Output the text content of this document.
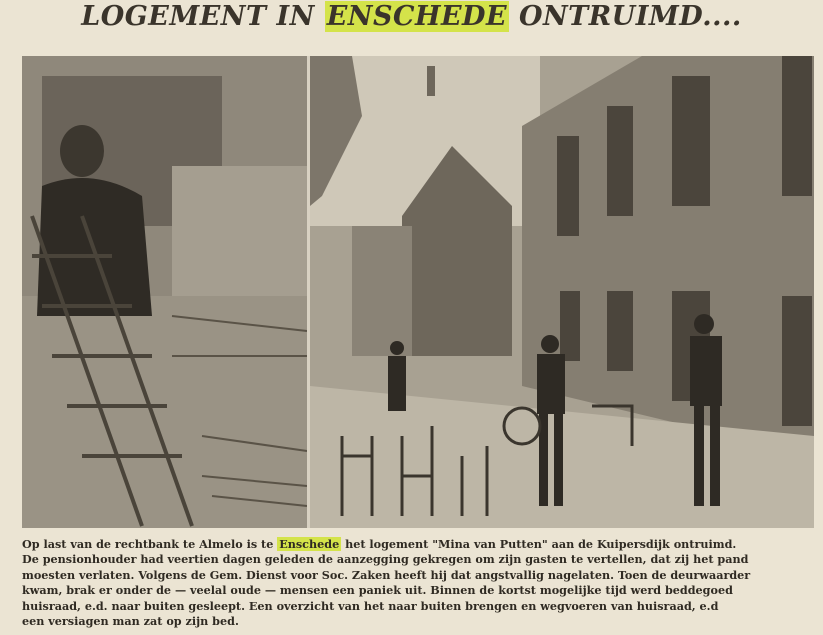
LOGEMENT IN ENSCHEDE ONTRUIMD....
Op last van de rechtbank te Almelo is te Enschede het logement "Mina van Putten" aan de Kuipersdijk ontruimd.
De pensionhouder had veertien dagen geleden de aanzegging gekregen om zijn gasten te vertellen, dat zij het pand
moesten verlaten. Volgens de Gem. Dienst voor Soc. Zaken heeft hij dat angstvallig nagelaten. Toen de deurwaarder
kwam, brak er onder de — veelal oude — mensen een paniek uit. Binnen de kortst mogelijke tijd werd beddegoed
huisraad, e.d. naar buiten gesleept. Een overzicht van het naar buiten brengen en wegvoeren van huisraad, e.d
een versiagen man zat op zijn bed.
